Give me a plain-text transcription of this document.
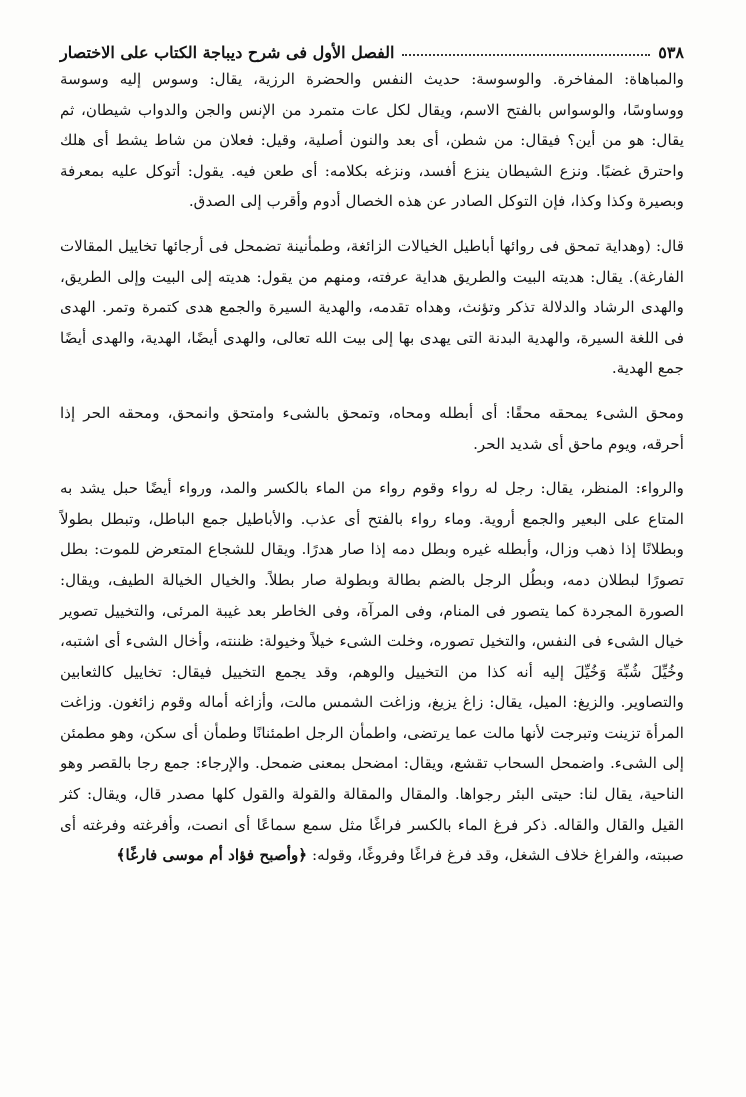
٥٣٨
الفصل الأول فى شرح ديباجة الكتاب على الاختصار

والمباهاة: المفاخرة. والوسوسة: حديث النفس والحضرة الرزية، يقال: وسوس إليه وسوسة ووساوسًا، والوسواس بالفتح الاسم، ويقال لكل عات متمرد من الإنس والجن والدواب شيطان، ثم يقال: هو من أين؟ فيقال: من شطن، أى بعد والنون أصلية، وقيل: فعلان من شاط يشط أى هلك واحترق غضبًا. ونزع الشيطان ينزع أفسد، ونزغه بكلامه: أى طعن فيه. يقول: أتوكل عليه بمعرفة وبصيرة وكذا وكذا، فإن التوكل الصادر عن هذه الخصال أدوم وأقرب إلى الصدق.

قال: (وهداية تمحق فى روائها أباطيل الخيالات الزائغة، وطمأنينة تضمحل فى أرجائها تخاييل المقالات الفارغة). يقال: هديته البيت والطريق هداية عرفته، ومنهم من يقول: هديته إلى البيت وإلى الطريق، والهدى الرشاد والدلالة تذكر وتؤنث، وهداه تقدمه، والهدية السيرة والجمع هدى كتمرة وتمر. الهدى فى اللغة السيرة، والهدية البدنة التى يهدى بها إلى بيت الله تعالى، والهدى أيضًا، الهدية، والهدى أيضًا جمع الهدية.

ومحق الشىء يمحقه محقًا: أى أبطله ومحاه، وتمحق بالشىء وامتحق وانمحق، ومحقه الحر إذا أحرقه، ويوم ماحق أى شديد الحر.

والرواء: المنظر، يقال: رجل له رواء وقوم رواء من الماء بالكسر والمد، ورواء أيضًا حبل يشد به المتاع على البعير والجمع أروية. وماء رواء بالفتح أى عذب. والأباطيل جمع الباطل، وتبطل بطولاً وبطلانًا إذا ذهب وزال، وأبطله غيره وبطل دمه إذا صار هدرًا. ويقال للشجاع المتعرض للموت: بطل تصورًا لبطلان دمه، وبطُل الرجل بالضم بطالة وبطولة صار بطلاً. والخيال الخيالة الطيف، ويقال: الصورة المجردة كما يتصور فى المنام، وفى المرآة، وفى الخاطر بعد غيبة المرئى، والتخييل تصوير خيال الشىء فى النفس، والتخيل تصوره، وخلت الشىء خيلاً وخيولة: ظننته، وأخال الشىء أى اشتبه، وخُيِّلَ شُبِّهَ وَخُيِّلَ إليه أنه كذا من التخييل والوهم، وقد يجمع التخييل فيقال: تخاييل كالثعابين والتصاوير. والزيغ: الميل، يقال: زاغ يزيغ، وزاغت الشمس مالت، وأزاغه أماله وقوم زائغون. وزاغت المرأة تزينت وتبرجت لأنها مالت عما يرتضى، واطمأن الرجل اطمئنانًا وطمأن أى سكن، وهو مطمئن إلى الشىء. واضمحل السحاب تقشع، ويقال: امضحل بمعنى ضمحل. والإرجاء: جمع رجا بالقصر وهو الناحية، يقال لنا: حيتى البئر رجواها. والمقال والمقالة والقولة والقول كلها مصدر قال، ويقال: كثر القيل والقال والقاله. ذكر فرغ الماء بالكسر فراغًا مثل سمع سماعًا أى انصت، وأفرغته وفرغته أى صببته، والفراغ خلاف الشغل، وقد فرغ فراغًا وفروغًا، وقوله: ﴿وأصبح فؤاد أم موسى فارغًا﴾
